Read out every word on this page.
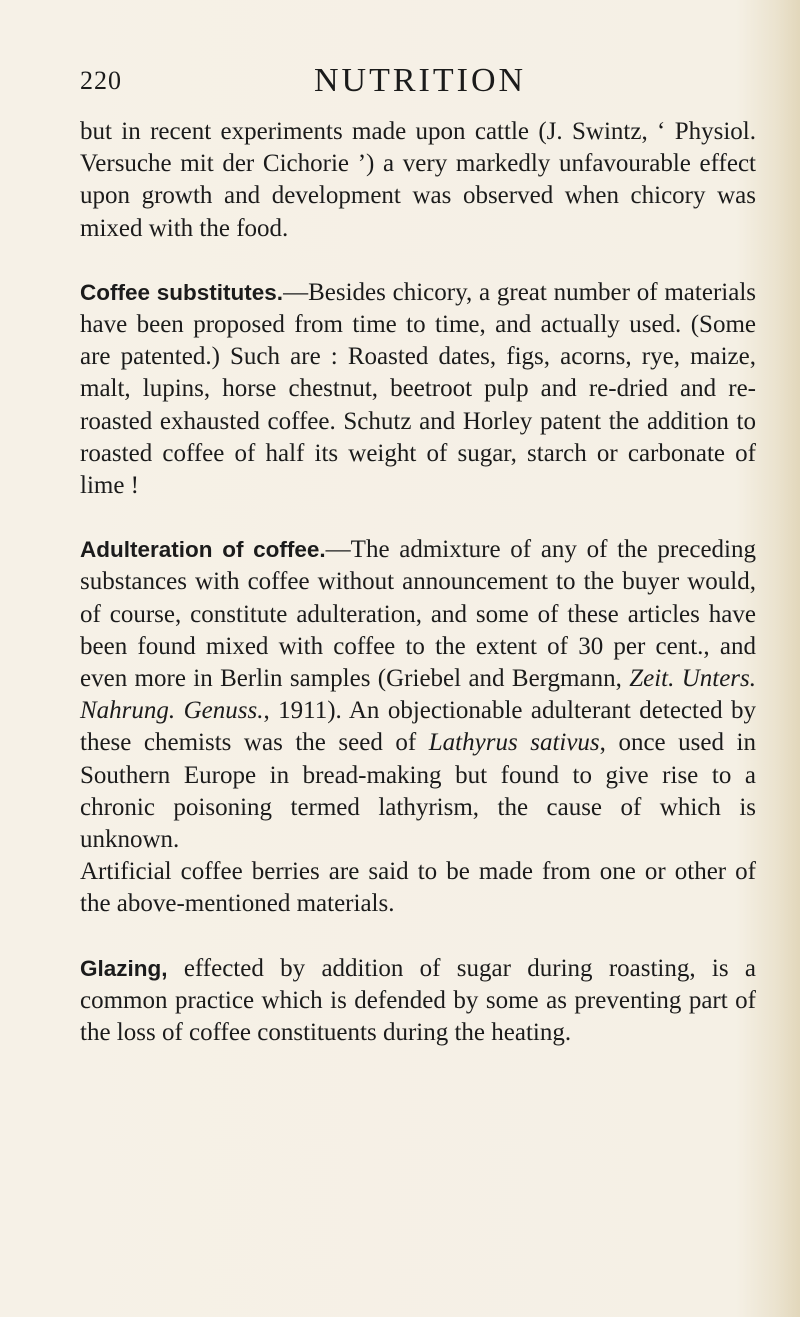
220	NUTRITION

but in recent experiments made upon cattle (J. Swintz, ‘ Physiol. Versuche mit der Cichorie ’) a very markedly unfavourable effect upon growth and development was observed when chicory was mixed with the food.

Coffee substitutes.—Besides chicory, a great number of materials have been proposed from time to time, and actually used. (Some are patented.) Such are : Roasted dates, figs, acorns, rye, maize, malt, lupins, horse chestnut, beetroot pulp and re-dried and re-roasted exhausted coffee. Schutz and Horley patent the addition to roasted coffee of half its weight of sugar, starch or carbonate of lime !

Adulteration of coffee.—The admixture of any of the preceding substances with coffee without announcement to the buyer would, of course, constitute adulteration, and some of these articles have been found mixed with coffee to the extent of 30 per cent., and even more in Berlin samples (Griebel and Bergmann, Zeit. Unters. Nahrung. Genuss., 1911). An objectionable adulterant detected by these chemists was the seed of Lathyrus sativus, once used in Southern Europe in bread-making but found to give rise to a chronic poisoning termed lathyrism, the cause of which is unknown.

Artificial coffee berries are said to be made from one or other of the above-mentioned materials.

Glazing, effected by addition of sugar during roasting, is a common practice which is defended by some as preventing part of the loss of coffee constituents during the heating.
